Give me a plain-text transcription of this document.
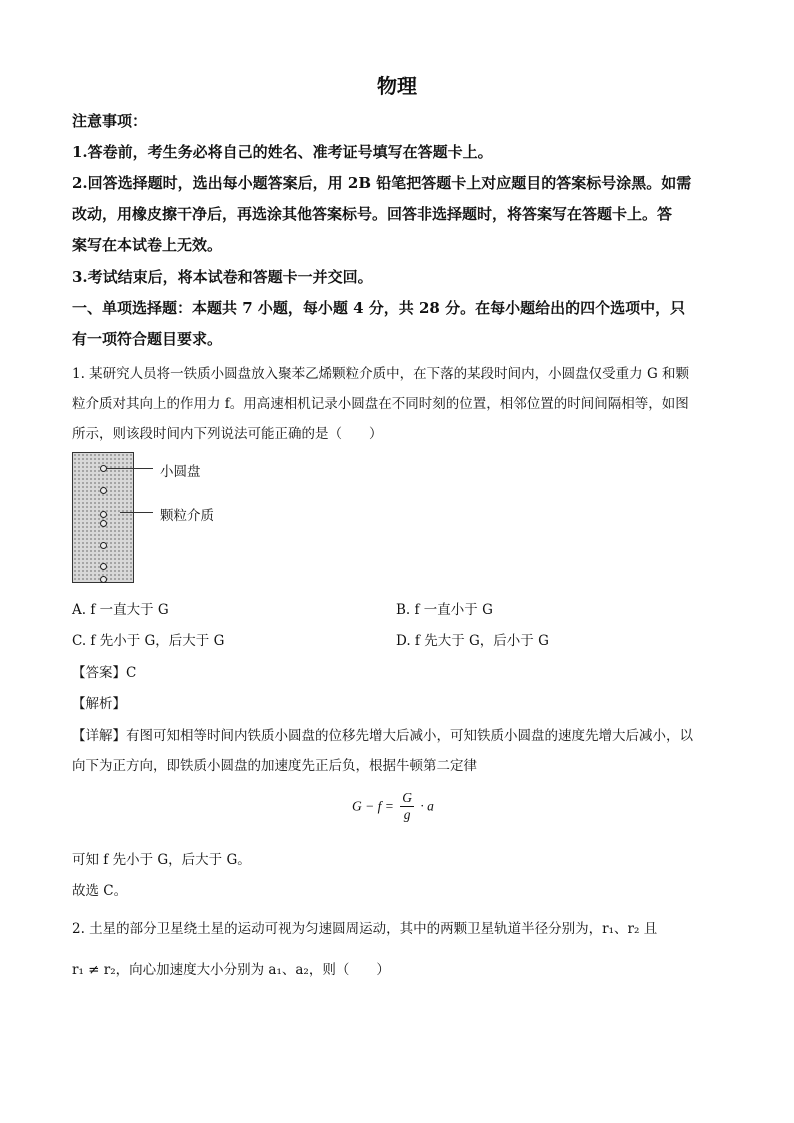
物理
注意事项：
1.答卷前，考生务必将自己的姓名、准考证号填写在答题卡上。
2.回答选择题时，选出每小题答案后，用 2B 铅笔把答题卡上对应题目的答案标号涂黑。如需
改动，用橡皮擦干净后，再选涂其他答案标号。回答非选择题时，将答案写在答题卡上。答
案写在本试卷上无效。
3.考试结束后，将本试卷和答题卡一并交回。
一、单项选择题：本题共 7 小题，每小题 4 分，共 28 分。在每小题给出的四个选项中，只
有一项符合题目要求。
1. 某研究人员将一铁质小圆盘放入聚苯乙烯颗粒介质中，在下落的某段时间内，小圆盘仅受重力 G 和颗
粒介质对其向上的作用力 f。用高速相机记录小圆盘在不同时刻的位置，相邻位置的时间间隔相等，如图
所示，则该段时间内下列说法可能正确的是（　　）
小圆盘
颗粒介质
A. f 一直大于 G	B. f 一直小于 G
C. f 先小于 G，后大于 G	D. f 先大于 G，后小于 G
【答案】C
【解析】
【详解】有图可知相等时间内铁质小圆盘的位移先增大后减小，可知铁质小圆盘的速度先增大后减小，以
向下为正方向，即铁质小圆盘的加速度先正后负，根据牛顿第二定律
$G - f = \frac{G}{g} \cdot a$
可知 f 先小于 G，后大于 G。
故选 C。
2. 土星的部分卫星绕土星的运动可视为匀速圆周运动，其中的两颗卫星轨道半径分别为，r₁、r₂ 且
r₁ ≠ r₂，向心加速度大小分别为 a₁、a₂，则（　　）
